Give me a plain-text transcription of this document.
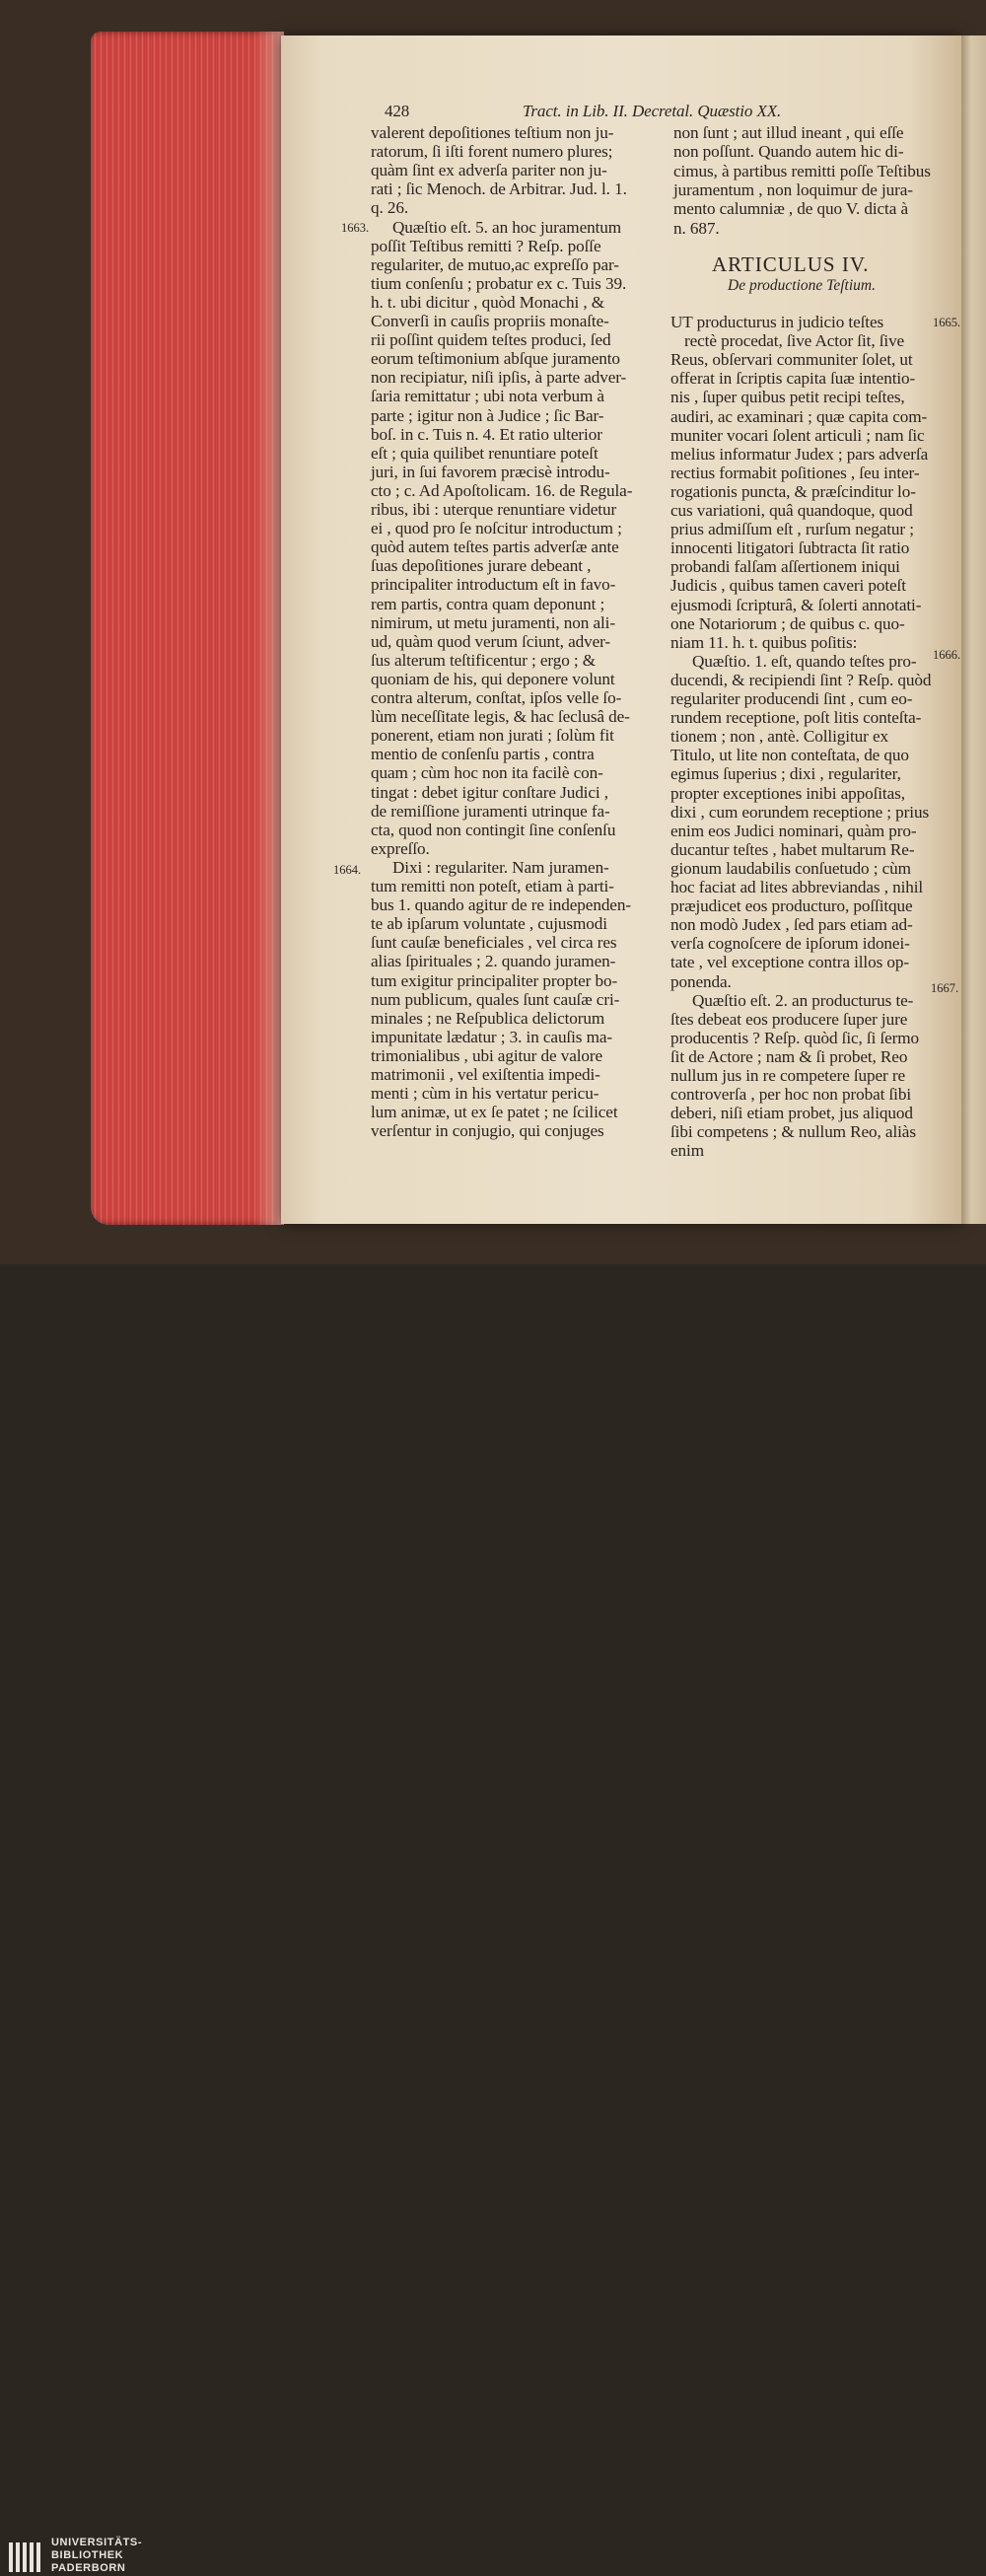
428	Tract. in Lib. II. Decretal. Quæstio XX.
valerent depoſitiones teſtium non ju-
ratorum, ſi iſti forent numero plures;
quàm ſint ex adverſa pariter non ju-
rati ; ſic Menoch. de Arbitrar. Jud. l. 1.
q. 26.
Quæſtio eſt. 5. an hoc juramentum
poſſit Teſtibus remitti ? Reſp. poſſe
regulariter, de mutuo,ac expreſſo par-
tium conſenſu ; probatur ex c. Tuis 39.
h. t. ubi dicitur , quòd Monachi , &
Converſi in cauſis propriis monaſte-
rii poſſint quidem teſtes produci, ſed
eorum teſtimonium abſque juramento
non recipiatur, niſi ipſis, à parte adver-
ſaria remittatur ; ubi nota verbum à
parte ; igitur non à Judice ; ſic Bar-
boſ. in c. Tuis n. 4. Et ratio ulterior
eſt ; quia quilibet renuntiare poteſt
juri, in ſui favorem præcisè introdu-
cto ; c. Ad Apoſtolicam. 16. de Regula-
ribus, ibi : uterque renuntiare videtur
ei , quod pro ſe noſcitur introductum ;
quòd autem teſtes partis adverſæ ante
ſuas depoſitiones jurare debeant ,
principaliter introductum eſt in favo-
rem partis, contra quam deponunt ;
nimirum, ut metu juramenti, non ali-
ud, quàm quod verum ſciunt, adver-
ſus alterum teſtificentur ; ergo ; &
quoniam de his, qui deponere volunt
contra alterum, conſtat, ipſos velle ſo-
lùm neceſſitate legis, & hac ſeclusâ de-
ponerent, etiam non jurati ; ſolùm fit
mentio de conſenſu partis , contra
quam ; cùm hoc non ita facilè con-
tingat : debet igitur conſtare Judici ,
de remiſſione juramenti utrinque fa-
cta, quod non contingit ſine conſenſu
expreſſo.
Dixi : regulariter. Nam juramen-
tum remitti non poteſt, etiam à parti-
bus 1. quando agitur de re independen-
te ab ipſarum voluntate , cujusmodi
ſunt cauſæ beneficiales , vel circa res
alias ſpirituales ; 2. quando juramen-
tum exigitur principaliter propter bo-
num publicum, quales ſunt cauſæ cri-
minales ; ne Reſpublica delictorum
impunitate lædatur ; 3. in cauſis ma-
trimonialibus , ubi agitur de valore
matrimonii , vel exiſtentia impedi-
menti ; cùm in his vertatur pericu-
lum animæ, ut ex ſe patet ; ne ſcilicet
verſentur in conjugio, qui conjuges
non ſunt ; aut illud ineant , qui eſſe
non poſſunt. Quando autem hic di-
cimus, à partibus remitti poſſe Teſtibus
juramentum , non loquimur de jura-
mento calumniæ , de quo V. dicta à
n. 687.
ARTICULUS IV.
De productione Teſtium.
UT producturus in judicio teſtes
rectè procedat, ſive Actor ſit, ſive
Reus, obſervari communiter ſolet, ut
offerat in ſcriptis capita ſuæ intentio-
nis , ſuper quibus petit recipi teſtes,
audiri, ac examinari ; quæ capita com-
muniter vocari ſolent articuli ; nam ſic
melius informatur Judex ; pars adverſa
rectius formabit poſitiones , ſeu inter-
rogationis puncta, & præſcinditur lo-
cus variationi, quâ quandoque, quod
prius admiſſum eſt , rurſum negatur ;
innocenti litigatori ſubtracta ſit ratio
probandi falſam aſſertionem iniqui
Judicis , quibus tamen caveri poteſt
ejusmodi ſcripturâ, & ſolerti annotati-
one Notariorum ; de quibus c. quo-
niam 11. h. t. quibus poſitis:
Quæſtio. 1. eſt, quando teſtes pro-
ducendi, & recipiendi ſint ? Reſp. quòd
regulariter producendi ſint , cum eo-
rundem receptione, poſt litis conteſta-
tionem ; non , antè. Colligitur ex
Titulo, ut lite non conteſtata, de quo
egimus ſuperius ; dixi , regulariter,
propter exceptiones inibi appoſitas,
dixi , cum eorundem receptione ; prius
enim eos Judici nominari, quàm pro-
ducantur teſtes , habet multarum Re-
gionum laudabilis conſuetudo ; cùm
hoc faciat ad lites abbreviandas , nihil
præjudicet eos producturo, poſſitque
non modò Judex , ſed pars etiam ad-
verſa cognoſcere de ipſorum idonei-
tate , vel exceptione contra illos op-
ponenda.
Quæſtio eſt. 2. an producturus te-
ſtes debeat eos producere ſuper jure
producentis ? Reſp. quòd ſic, ſi ſermo
ſit de Actore ; nam & ſi probet, Reo
nullum jus in re competere ſuper re
controverſa , per hoc non probat ſibi
deberi, niſi etiam probet, jus aliquod
ſibi competens ; & nullum Reo, aliàs
enim
1663.
1664.
1665.
1666.
1667.
UNIVERSITÄTS-
BIBLIOTHEK
PADERBORN
